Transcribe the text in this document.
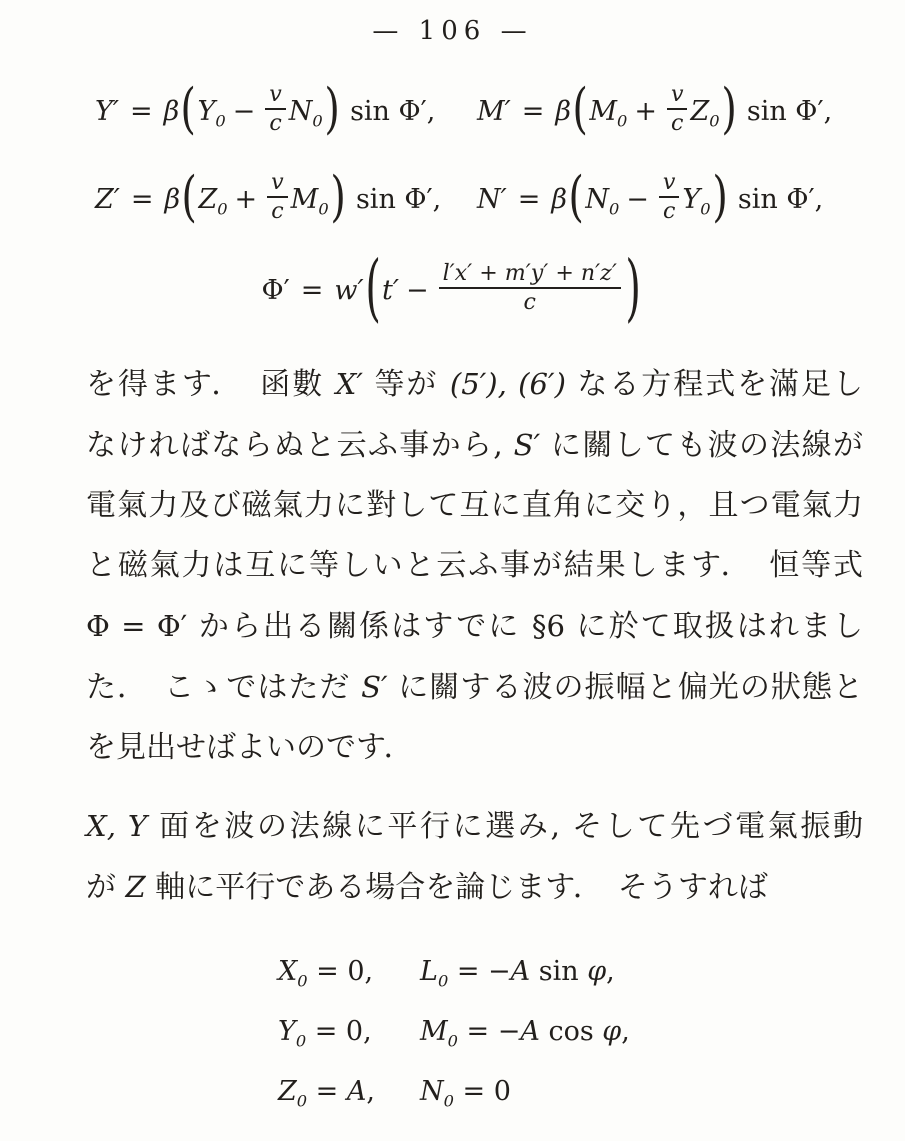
— 106 —
$Y' = \beta(Y_0 - \frac{v}{c} N_0)$ sin Φ′,	$M' = \beta(M_0 + \frac{v}{c} Z_0)$ sin Φ′,
$Z' = \beta(Z_0 + \frac{v}{c} M_0)$ sin Φ′,	$N' = \beta(N_0 - \frac{v}{c} Y_0)$ sin Φ′,
$\Phi' = w'(t' - \frac{l'x' + m'y' + n'z'}{c}$ )
を得ます．　函數 X′ 等が (5′), (6′) なる方程式を滿足し
なければならぬと云ふ事から, S′ に關しても波の法線が
電氣力及び磁氣力に對して互に直角に交り，且つ電氣力
と磁氣力は互に等しいと云ふ事が結果します．　恒等式
Φ = Φ′ から出る關係はすでに §6 に於て取扱はれまし
た．　こゝではただ S′ に關する波の振幅と偏光の狀態と
を見出せばよいのです．
X, Y 面を波の法線に平行に選み, そして先づ電氣振動
が Z 軸に平行である場合を論じます．　そうすれば
$X_0 = 0$,	$L_0 = -A$ sin φ,
$Y_0 = 0$,	$M_0 = -A$ cos φ,
$Z_0 = A$,	$N_0 = 0$
